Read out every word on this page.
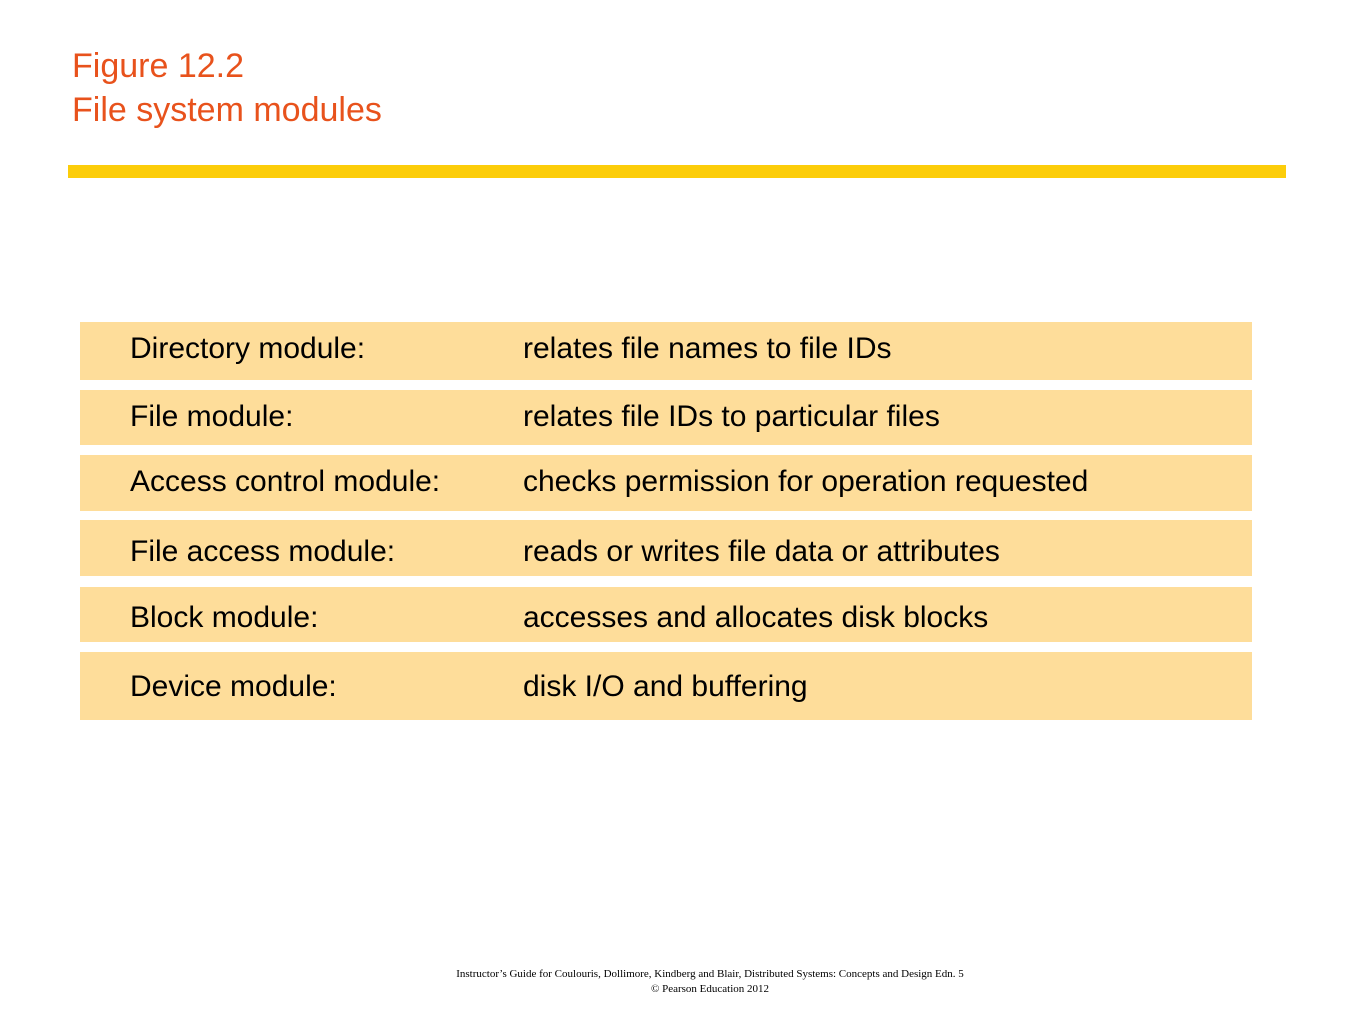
Figure 12.2
File system modules
Directory module:	relates file names to file IDs
File module:	relates file IDs to particular files
Access control module:	checks permission for operation requested
File access module:	reads or writes file data or attributes
Block module:	accesses and allocates disk blocks
Device module:	disk I/O and buffering
Instructor’s Guide for Coulouris, Dollimore, Kindberg and Blair, Distributed Systems: Concepts and Design Edn. 5
© Pearson Education 2012
